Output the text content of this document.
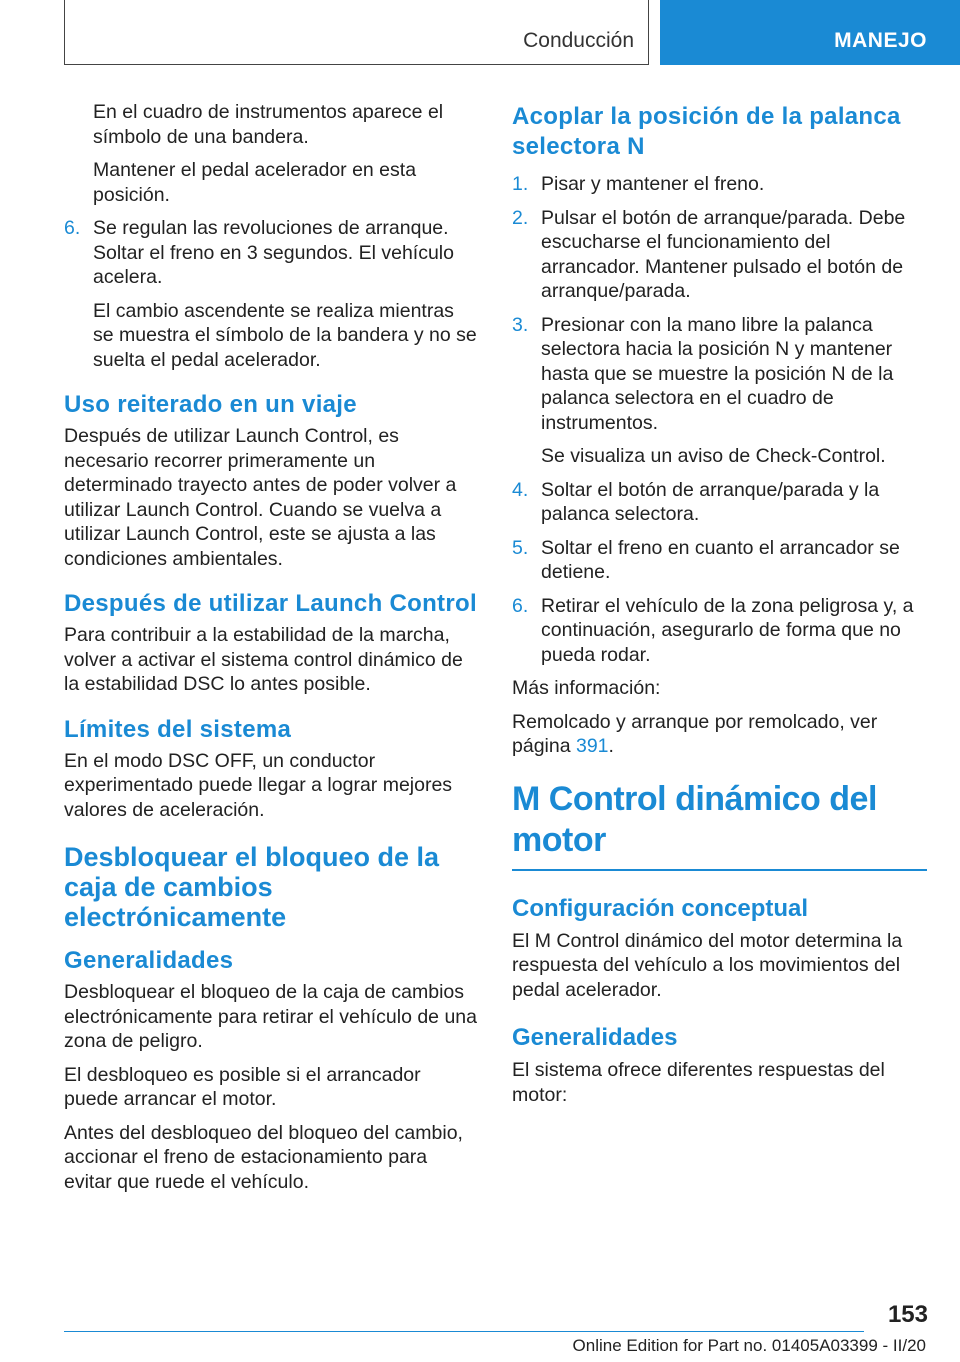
Conducción	MANEJO

En el cuadro de instrumentos aparece el símbolo de una bandera.

Mantener el pedal acelerador en esta posición.

6. Se regulan las revoluciones de arranque. Soltar el freno en 3 segundos. El vehículo acelera.

El cambio ascendente se realiza mientras se muestra el símbolo de la bandera y no se suelta el pedal acelerador.

Uso reiterado en un viaje

Después de utilizar Launch Control, es necesario recorrer primeramente un determinado trayecto antes de poder volver a utilizar Launch Control. Cuando se vuelva a utilizar Launch Control, este se ajusta a las condiciones ambientales.

Después de utilizar Launch Control

Para contribuir a la estabilidad de la marcha, volver a activar el sistema control dinámico de la estabilidad DSC lo antes posible.

Límites del sistema

En el modo DSC OFF, un conductor experimentado puede llegar a lograr mejores valores de aceleración.

Desbloquear el bloqueo de la caja de cambios electrónicamente
Generalidades

Desbloquear el bloqueo de la caja de cambios electrónicamente para retirar el vehículo de una zona de peligro.

El desbloqueo es posible si el arrancador puede arrancar el motor.

Antes del desbloqueo del bloqueo del cambio, accionar el freno de estacionamiento para evitar que ruede el vehículo.

Acoplar la posición de la palanca selectora N
1. Pisar y mantener el freno.
2. Pulsar el botón de arranque/parada. Debe escucharse el funcionamiento del arrancador. Mantener pulsado el botón de arranque/parada.
3. Presionar con la mano libre la palanca selectora hacia la posición N y mantener hasta que se muestre la posición N de la palanca selectora en el cuadro de instrumentos.

Se visualiza un aviso de Check-Control.

4. Soltar el botón de arranque/parada y la palanca selectora.
5. Soltar el freno en cuanto el arrancador se detiene.
6. Retirar el vehículo de la zona peligrosa y, a continuación, asegurarlo de forma que no pueda rodar.

Más información:

Remolcado y arranque por remolcado, ver página 391.

M Control dinámico del motor
Configuración conceptual

El M Control dinámico del motor determina la respuesta del vehículo a los movimientos del pedal acelerador.

Generalidades

El sistema ofrece diferentes respuestas del motor:

153
Online Edition for Part no. 01405A03399 - II/20
